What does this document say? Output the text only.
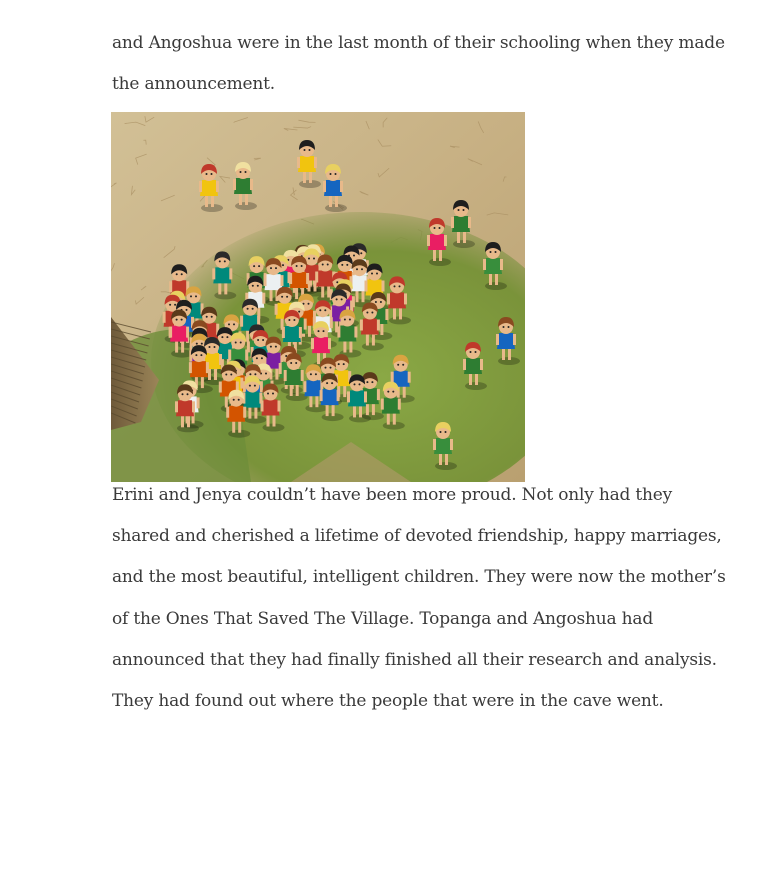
and Angoshua were in the last month of their schooling when they made
the announcement.
Erini and Jenya couldn’t have been more proud. Not only had they
shared and cherished a lifetime of devoted friendship, happy marriages,
and the most beautiful, intelligent children. They were now the mother’s
of the Ones That Saved The Village. Topanga and Angoshua had
announced that they had finally finished all their research and analysis.
They had found out where the people that were in the cave went.
